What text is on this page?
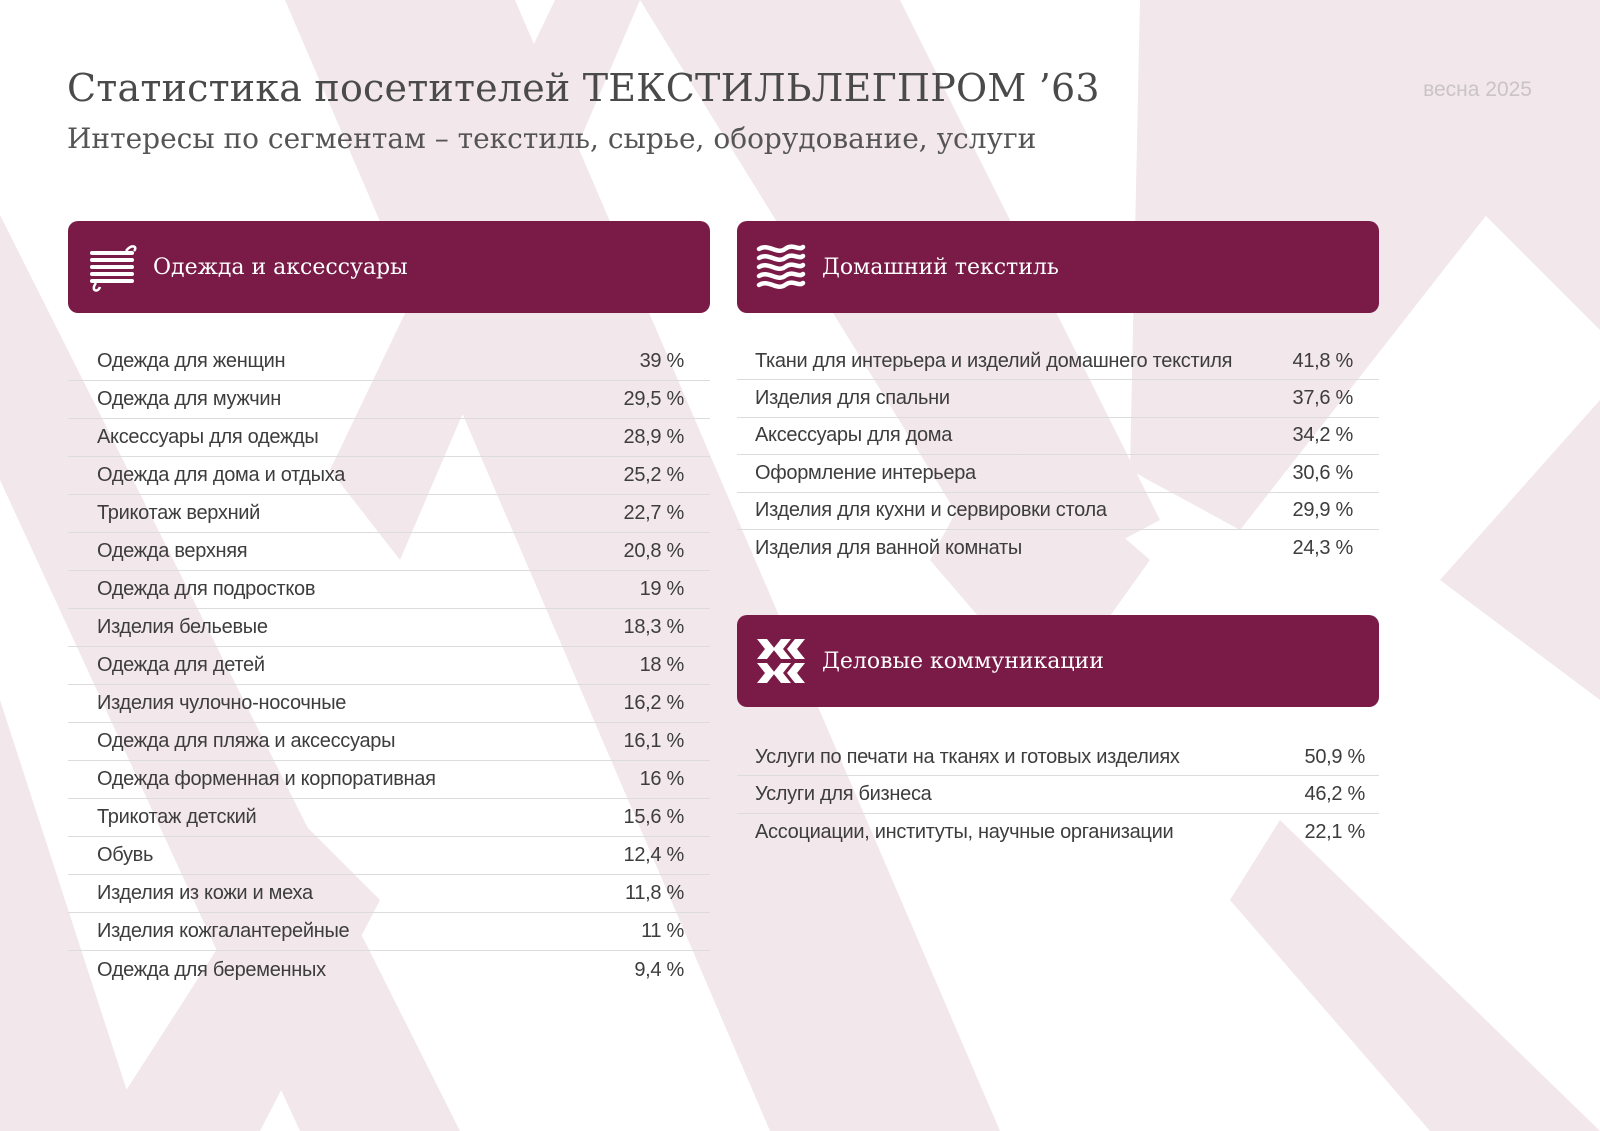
Статистика посетителей ТЕКСТИЛЬЛЕГПРОМ ’63
Интересы по сегментам – текстиль, сырье, оборудование, услуги
весна 2025
Одежда и аксессуары
Одежда для женщин	39 %
Одежда для мужчин	29,5 %
Аксессуары для одежды	28,9 %
Одежда для дома и отдыха	25,2 %
Трикотаж верхний	22,7 %
Одежда верхняя	20,8 %
Одежда для подростков	19 %
Изделия бельевые	18,3 %
Одежда для детей	18 %
Изделия чулочно-носочные	16,2 %
Одежда для пляжа и аксессуары	16,1 %
Одежда форменная и корпоративная	16 %
Трикотаж детский	15,6 %
Обувь	12,4 %
Изделия из кожи и меха	11,8 %
Изделия кожгалантерейные	11 %
Одежда для беременных	9,4 %
Домашний текстиль
Ткани для интерьера и изделий домашнего текстиля	41,8 %
Изделия для спальни	37,6 %
Аксессуары для дома	34,2 %
Оформление интерьера	30,6 %
Изделия для кухни и сервировки стола	29,9 %
Изделия для ванной комнаты	24,3 %
Деловые коммуникации
Услуги по печати на тканях и готовых изделиях	50,9 %
Услуги для бизнеса	46,2 %
Ассоциации, институты, научные организации	22,1 %
